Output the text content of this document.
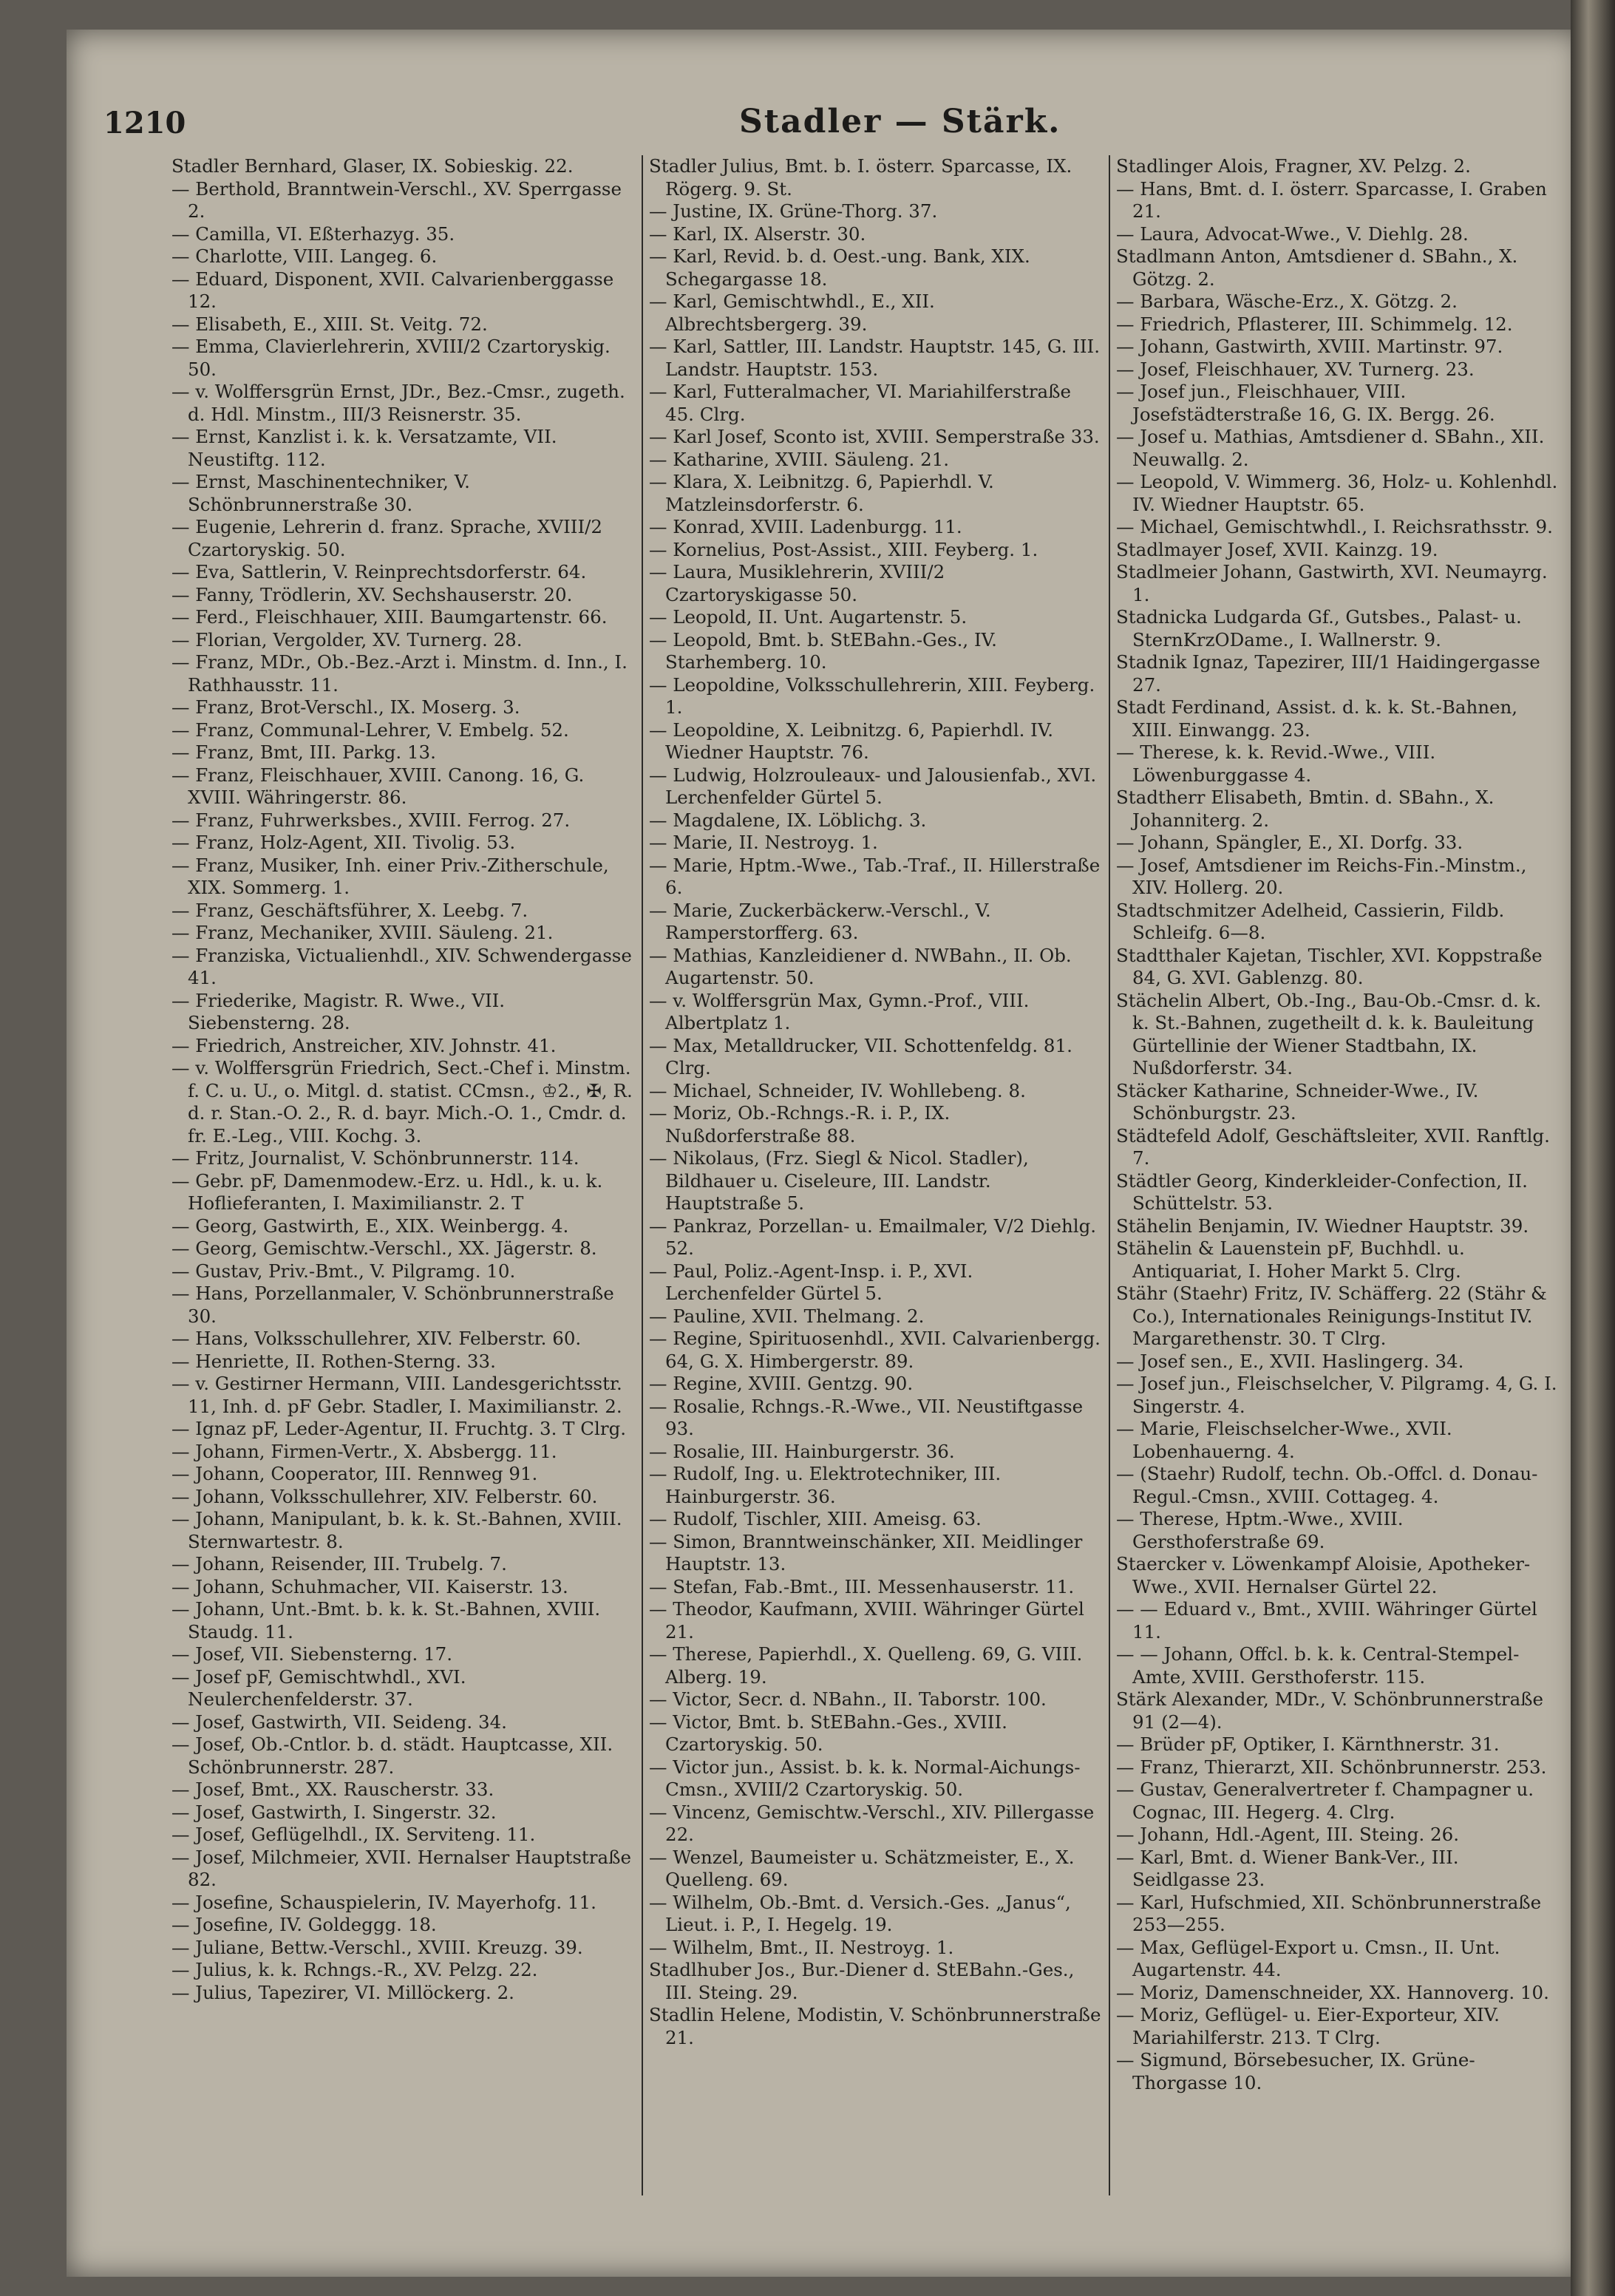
1210	Stadler — Stärk.

Stadler Bernhard, Glaser, IX. Sobieskig. 22.

— Berthold, Branntwein-Verschl., XV. Sperrgasse 2.

— Camilla, VI. Eßterhazyg. 35.

— Charlotte, VIII. Langeg. 6.

— Eduard, Disponent, XVII. Calvarienberggasse 12.

— Elisabeth, E., XIII. St. Veitg. 72.

— Emma, Clavierlehrerin, XVIII/2 Czartoryskig. 50.

— v. Wolffersgrün Ernst, JDr., Bez.-Cmsr., zugeth. d. Hdl. Minstm., III/3 Reisnerstr. 35.

— Ernst, Kanzlist i. k. k. Versatzamte, VII. Neustiftg. 112.

— Ernst, Maschinentechniker, V. Schönbrunnerstraße 30.

— Eugenie, Lehrerin d. franz. Sprache, XVIII/2 Czartoryskig. 50.

— Eva, Sattlerin, V. Reinprechtsdorferstr. 64.

— Fanny, Trödlerin, XV. Sechshauserstr. 20.

— Ferd., Fleischhauer, XIII. Baumgartenstr. 66.

— Florian, Vergolder, XV. Turnerg. 28.

— Franz, MDr., Ob.-Bez.-Arzt i. Minstm. d. Inn., I. Rathhausstr. 11.

— Franz, Brot-Verschl., IX. Moserg. 3.

— Franz, Communal-Lehrer, V. Embelg. 52.

— Franz, Bmt, III. Parkg. 13.

— Franz, Fleischhauer, XVIII. Canong. 16, G. XVIII. Währingerstr. 86.

— Franz, Fuhrwerksbes., XVIII. Ferrog. 27.

— Franz, Holz-Agent, XII. Tivolig. 53.

— Franz, Musiker, Inh. einer Priv.-Zitherschule, XIX. Sommerg. 1.

— Franz, Geschäftsführer, X. Leebg. 7.

— Franz, Mechaniker, XVIII. Säuleng. 21.

— Franziska, Victualienhdl., XIV. Schwendergasse 41.

— Friederike, Magistr. R. Wwe., VII. Siebensterng. 28.

— Friedrich, Anstreicher, XIV. Johnstr. 41.

— v. Wolffersgrün Friedrich, Sect.-Chef i. Minstm. f. C. u. U., o. Mitgl. d. statist. CCmsn., ♔2., ✠, R. d. r. Stan.-O. 2., R. d. bayr. Mich.-O. 1., Cmdr. d. fr. E.-Leg., VIII. Kochg. 3.

— Fritz, Journalist, V. Schönbrunnerstr. 114.

— Gebr. pF, Damenmodew.-Erz. u. Hdl., k. u. k. Hoflieferanten, I. Maximilianstr. 2. T

— Georg, Gastwirth, E., XIX. Weinbergg. 4.

— Georg, Gemischtw.-Verschl., XX. Jägerstr. 8.

— Gustav, Priv.-Bmt., V. Pilgramg. 10.

— Hans, Porzellanmaler, V. Schönbrunnerstraße 30.

— Hans, Volksschullehrer, XIV. Felberstr. 60.

— Henriette, II. Rothen-Sterng. 33.

— v. Gestirner Hermann, VIII. Landesgerichtsstr. 11, Inh. d. pF Gebr. Stadler, I. Maximilianstr. 2.

— Ignaz pF, Leder-Agentur, II. Fruchtg. 3. T Clrg.

— Johann, Firmen-Vertr., X. Absbergg. 11.

— Johann, Cooperator, III. Rennweg 91.

— Johann, Volksschullehrer, XIV. Felberstr. 60.

— Johann, Manipulant, b. k. k. St.-Bahnen, XVIII. Sternwartestr. 8.

— Johann, Reisender, III. Trubelg. 7.

— Johann, Schuhmacher, VII. Kaiserstr. 13.

— Johann, Unt.-Bmt. b. k. k. St.-Bahnen, XVIII. Staudg. 11.

— Josef, VII. Siebensterng. 17.

— Josef pF, Gemischtwhdl., XVI. Neulerchenfelderstr. 37.

— Josef, Gastwirth, VII. Seideng. 34.

— Josef, Ob.-Cntlor. b. d. städt. Hauptcasse, XII. Schönbrunnerstr. 287.

— Josef, Bmt., XX. Rauscherstr. 33.

— Josef, Gastwirth, I. Singerstr. 32.

— Josef, Geflügelhdl., IX. Serviteng. 11.

— Josef, Milchmeier, XVII. Hernalser Hauptstraße 82.

— Josefine, Schauspielerin, IV. Mayerhofg. 11.

— Josefine, IV. Goldeggg. 18.

— Juliane, Bettw.-Verschl., XVIII. Kreuzg. 39.

— Julius, k. k. Rchngs.-R., XV. Pelzg. 22.

— Julius, Tapezirer, VI. Millöckerg. 2.

Stadler Julius, Bmt. b. I. österr. Sparcasse, IX. Rögerg. 9. St.

— Justine, IX. Grüne-Thorg. 37.

— Karl, IX. Alserstr. 30.

— Karl, Revid. b. d. Oest.-ung. Bank, XIX. Schegargasse 18.

— Karl, Gemischtwhdl., E., XII. Albrechtsbergerg. 39.

— Karl, Sattler, III. Landstr. Hauptstr. 145, G. III. Landstr. Hauptstr. 153.

— Karl, Futteralmacher, VI. Mariahilferstraße 45. Clrg.

— Karl Josef, Sconto ist, XVIII. Semperstraße 33.

— Katharine, XVIII. Säuleng. 21.

— Klara, X. Leibnitzg. 6, Papierhdl. V. Matzleinsdorferstr. 6.

— Konrad, XVIII. Ladenburgg. 11.

— Kornelius, Post-Assist., XIII. Feyberg. 1.

— Laura, Musiklehrerin, XVIII/2 Czartoryskigasse 50.

— Leopold, II. Unt. Augartenstr. 5.

— Leopold, Bmt. b. StEBahn.-Ges., IV. Starhemberg. 10.

— Leopoldine, Volksschullehrerin, XIII. Feyberg. 1.

— Leopoldine, X. Leibnitzg. 6, Papierhdl. IV. Wiedner Hauptstr. 76.

— Ludwig, Holzrouleaux- und Jalousienfab., XVI. Lerchenfelder Gürtel 5.

— Magdalene, IX. Löblichg. 3.

— Marie, II. Nestroyg. 1.

— Marie, Hptm.-Wwe., Tab.-Traf., II. Hillerstraße 6.

— Marie, Zuckerbäckerw.-Verschl., V. Ramperstorfferg. 63.

— Mathias, Kanzleidiener d. NWBahn., II. Ob. Augartenstr. 50.

— v. Wolffersgrün Max, Gymn.-Prof., VIII. Albertplatz 1.

— Max, Metalldrucker, VII. Schottenfeldg. 81. Clrg.

— Michael, Schneider, IV. Wohllebeng. 8.

— Moriz, Ob.-Rchngs.-R. i. P., IX. Nußdorferstraße 88.

— Nikolaus, (Frz. Siegl & Nicol. Stadler), Bildhauer u. Ciseleure, III. Landstr. Hauptstraße 5.

— Pankraz, Porzellan- u. Emailmaler, V/2 Diehlg. 52.

— Paul, Poliz.-Agent-Insp. i. P., XVI. Lerchenfelder Gürtel 5.

— Pauline, XVII. Thelmang. 2.

— Regine, Spirituosenhdl., XVII. Calvarienbergg. 64, G. X. Himbergerstr. 89.

— Regine, XVIII. Gentzg. 90.

— Rosalie, Rchngs.-R.-Wwe., VII. Neustiftgasse 93.

— Rosalie, III. Hainburgerstr. 36.

— Rudolf, Ing. u. Elektrotechniker, III. Hainburgerstr. 36.

— Rudolf, Tischler, XIII. Ameisg. 63.

— Simon, Branntweinschänker, XII. Meidlinger Hauptstr. 13.

— Stefan, Fab.-Bmt., III. Messenhauserstr. 11.

— Theodor, Kaufmann, XVIII. Währinger Gürtel 21.

— Therese, Papierhdl., X. Quelleng. 69, G. VIII. Alberg. 19.

— Victor, Secr. d. NBahn., II. Taborstr. 100.

— Victor, Bmt. b. StEBahn.-Ges., XVIII. Czartoryskig. 50.

— Victor jun., Assist. b. k. k. Normal-Aichungs-Cmsn., XVIII/2 Czartoryskig. 50.

— Vincenz, Gemischtw.-Verschl., XIV. Pillergasse 22.

— Wenzel, Baumeister u. Schätzmeister, E., X. Quelleng. 69.

— Wilhelm, Ob.-Bmt. d. Versich.-Ges. „Janus“, Lieut. i. P., I. Hegelg. 19.

— Wilhelm, Bmt., II. Nestroyg. 1.

Stadlhuber Jos., Bur.-Diener d. StEBahn.-Ges., III. Steing. 29.

Stadlin Helene, Modistin, V. Schönbrunnerstraße 21.

Stadlinger Alois, Fragner, XV. Pelzg. 2.

— Hans, Bmt. d. I. österr. Sparcasse, I. Graben 21.

— Laura, Advocat-Wwe., V. Diehlg. 28.

Stadlmann Anton, Amtsdiener d. SBahn., X. Götzg. 2.

— Barbara, Wäsche-Erz., X. Götzg. 2.

— Friedrich, Pflasterer, III. Schimmelg. 12.

— Johann, Gastwirth, XVIII. Martinstr. 97.

— Josef, Fleischhauer, XV. Turnerg. 23.

— Josef jun., Fleischhauer, VIII. Josefstädterstraße 16, G. IX. Bergg. 26.

— Josef u. Mathias, Amtsdiener d. SBahn., XII. Neuwallg. 2.

— Leopold, V. Wimmerg. 36, Holz- u. Kohlenhdl. IV. Wiedner Hauptstr. 65.

— Michael, Gemischtwhdl., I. Reichsrathsstr. 9.

Stadlmayer Josef, XVII. Kainzg. 19.

Stadlmeier Johann, Gastwirth, XVI. Neumayrg. 1.

Stadnicka Ludgarda Gf., Gutsbes., Palast- u. SternKrzODame., I. Wallnerstr. 9.

Stadnik Ignaz, Tapezirer, III/1 Haidingergasse 27.

Stadt Ferdinand, Assist. d. k. k. St.-Bahnen, XIII. Einwangg. 23.

— Therese, k. k. Revid.-Wwe., VIII. Löwenburggasse 4.

Stadtherr Elisabeth, Bmtin. d. SBahn., X. Johanniterg. 2.

— Johann, Spängler, E., XI. Dorfg. 33.

— Josef, Amtsdiener im Reichs-Fin.-Minstm., XIV. Hollerg. 20.

Stadtschmitzer Adelheid, Cassierin, Fildb. Schleifg. 6—8.

Stadtthaler Kajetan, Tischler, XVI. Koppstraße 84, G. XVI. Gablenzg. 80.

Stächelin Albert, Ob.-Ing., Bau-Ob.-Cmsr. d. k. k. St.-Bahnen, zugetheilt d. k. k. Bauleitung Gürtellinie der Wiener Stadtbahn, IX. Nußdorferstr. 34.

Stäcker Katharine, Schneider-Wwe., IV. Schönburgstr. 23.

Städtefeld Adolf, Geschäftsleiter, XVII. Ranftlg. 7.

Städtler Georg, Kinderkleider-Confection, II. Schüttelstr. 53.

Stähelin Benjamin, IV. Wiedner Hauptstr. 39.

Stähelin & Lauenstein pF, Buchhdl. u. Antiquariat, I. Hoher Markt 5. Clrg.

Stähr (Staehr) Fritz, IV. Schäfferg. 22 (Stähr & Co.), Internationales Reinigungs-Institut IV. Margarethenstr. 30. T Clrg.

— Josef sen., E., XVII. Haslingerg. 34.

— Josef jun., Fleischselcher, V. Pilgramg. 4, G. I. Singerstr. 4.

— Marie, Fleischselcher-Wwe., XVII. Lobenhauerng. 4.

— (Staehr) Rudolf, techn. Ob.-Offcl. d. Donau-Regul.-Cmsn., XVIII. Cottageg. 4.

— Therese, Hptm.-Wwe., XVIII. Gersthoferstraße 69.

Staercker v. Löwenkampf Aloisie, Apotheker-Wwe., XVII. Hernalser Gürtel 22.

— — Eduard v., Bmt., XVIII. Währinger Gürtel 11.

— — Johann, Offcl. b. k. k. Central-Stempel-Amte, XVIII. Gersthoferstr. 115.

Stärk Alexander, MDr., V. Schönbrunnerstraße 91 (2—4).

— Brüder pF, Optiker, I. Kärnthnerstr. 31.

— Franz, Thierarzt, XII. Schönbrunnerstr. 253.

— Gustav, Generalvertreter f. Champagner u. Cognac, III. Hegerg. 4. Clrg.

— Johann, Hdl.-Agent, III. Steing. 26.

— Karl, Bmt. d. Wiener Bank-Ver., III. Seidlgasse 23.

— Karl, Hufschmied, XII. Schönbrunnerstraße 253—255.

— Max, Geflügel-Export u. Cmsn., II. Unt. Augartenstr. 44.

— Moriz, Damenschneider, XX. Hannoverg. 10.

— Moriz, Geflügel- u. Eier-Exporteur, XIV. Mariahilferstr. 213. T Clrg.

— Sigmund, Börsebesucher, IX. Grüne-Thorgasse 10.
